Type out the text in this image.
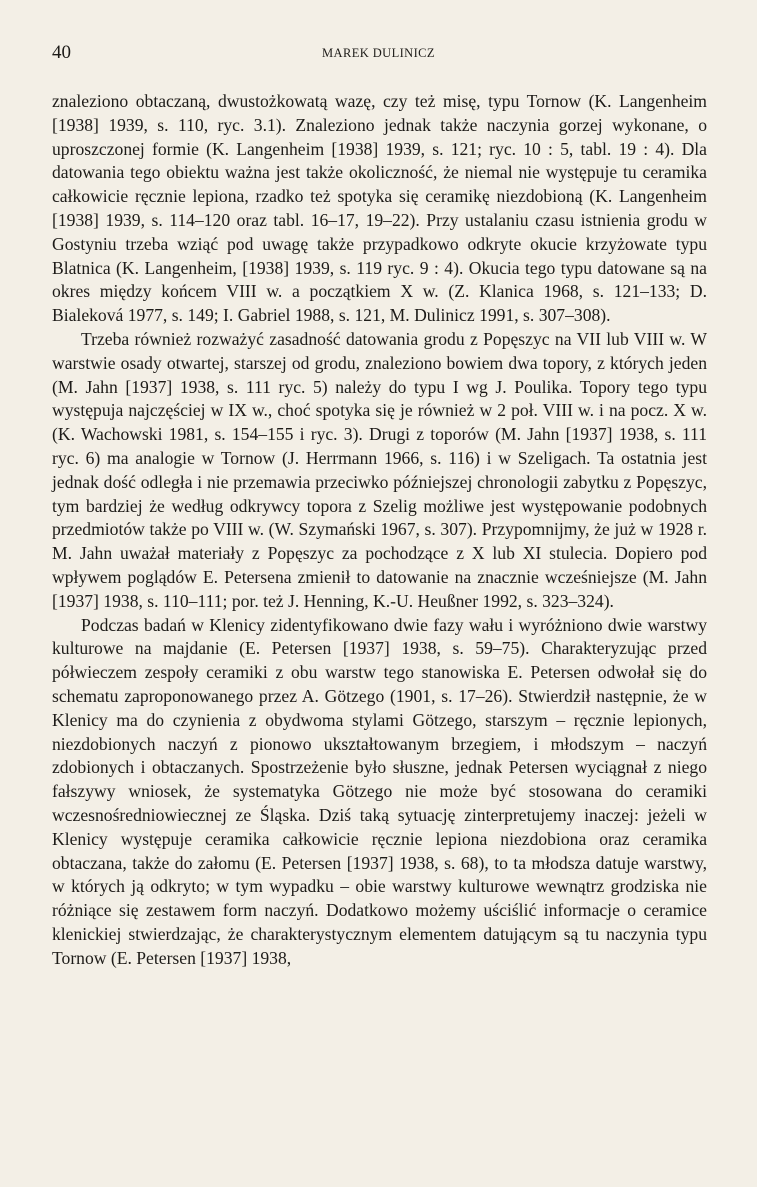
40	MAREK DULINICZ

znaleziono obtaczaną, dwustożkowatą wazę, czy też misę, typu Tornow (K. Langenheim [1938] 1939, s. 110, ryc. 3.1). Znaleziono jednak także naczynia gorzej wykonane, o uproszczonej formie (K. Langenheim [1938] 1939, s. 121; ryc. 10 : 5, tabl. 19 : 4). Dla datowania tego obiektu ważna jest także okoliczność, że niemal nie występuje tu ceramika całkowicie ręcznie lepiona, rzadko też spotyka się ceramikę niezdobioną (K. Langenheim [1938] 1939, s. 114–120 oraz tabl. 16–17, 19–22). Przy ustalaniu czasu istnienia grodu w Gostyniu trzeba wziąć pod uwagę także przypadkowo odkryte okucie krzyżowate typu Blatnica (K. Langenheim, [1938] 1939, s. 119 ryc. 9 : 4). Okucia tego typu datowane są na okres między końcem VIII w. a początkiem X w. (Z. Klanica 1968, s. 121–133; D. Bialeková 1977, s. 149; I. Gabriel 1988, s. 121, M. Dulinicz 1991, s. 307–308).

Trzeba również rozważyć zasadność datowania grodu z Popęszyc na VII lub VIII w. W warstwie osady otwartej, starszej od grodu, znaleziono bowiem dwa topory, z których jeden (M. Jahn [1937] 1938, s. 111 ryc. 5) należy do typu I wg J. Poulika. Topory tego typu występuja najczęściej w IX w., choć spotyka się je również w 2 poł. VIII w. i na pocz. X w. (K. Wachowski 1981, s. 154–155 i ryc. 3). Drugi z toporów (M. Jahn [1937] 1938, s. 111 ryc. 6) ma analogie w Tornow (J. Herrmann 1966, s. 116) i w Szeligach. Ta ostatnia jest jednak dość odległa i nie przemawia przeciwko późniejszej chronologii zabytku z Popęszyc, tym bardziej że według odkrywcy topora z Szelig możliwe jest występowanie podobnych przedmiotów także po VIII w. (W. Szymański 1967, s. 307). Przypomnijmy, że już w 1928 r. M. Jahn uważał materiały z Popęszyc za pochodzące z X lub XI stulecia. Dopiero pod wpływem poglądów E. Petersena zmienił to datowanie na znacznie wcześniejsze (M. Jahn [1937] 1938, s. 110–111; por. też J. Henning, K.-U. Heußner 1992, s. 323–324).

Podczas badań w Klenicy zidentyfikowano dwie fazy wału i wyróżniono dwie warstwy kulturowe na majdanie (E. Petersen [1937] 1938, s. 59–75). Charakteryzując przed półwieczem zespoły ceramiki z obu warstw tego stanowiska E. Petersen odwołał się do schematu zaproponowanego przez A. Götzego (1901, s. 17–26). Stwierdził następnie, że w Klenicy ma do czynienia z obydwoma stylami Götzego, starszym – ręcznie lepionych, niezdobionych naczyń z pionowo ukształtowanym brzegiem, i młodszym – naczyń zdobionych i obtaczanych. Spostrzeżenie było słuszne, jednak Petersen wyciągnał z niego fałszywy wniosek, że systematyka Götzego nie może być stosowana do ceramiki wczesnośredniowiecznej ze Śląska. Dziś taką sytuację zinterpretujemy inaczej: jeżeli w Klenicy występuje ceramika całkowicie ręcznie lepiona niezdobiona oraz ceramika obtaczana, także do załomu (E. Petersen [1937] 1938, s. 68), to ta młodsza datuje warstwy, w których ją odkryto; w tym wypadku – obie warstwy kulturowe wewnątrz grodziska nie różniące się zestawem form naczyń. Dodatkowo możemy uściślić informacje o ceramice klenickiej stwierdzając, że charakterystycznym elementem datującym są tu naczynia typu Tornow (E. Petersen [1937] 1938,
